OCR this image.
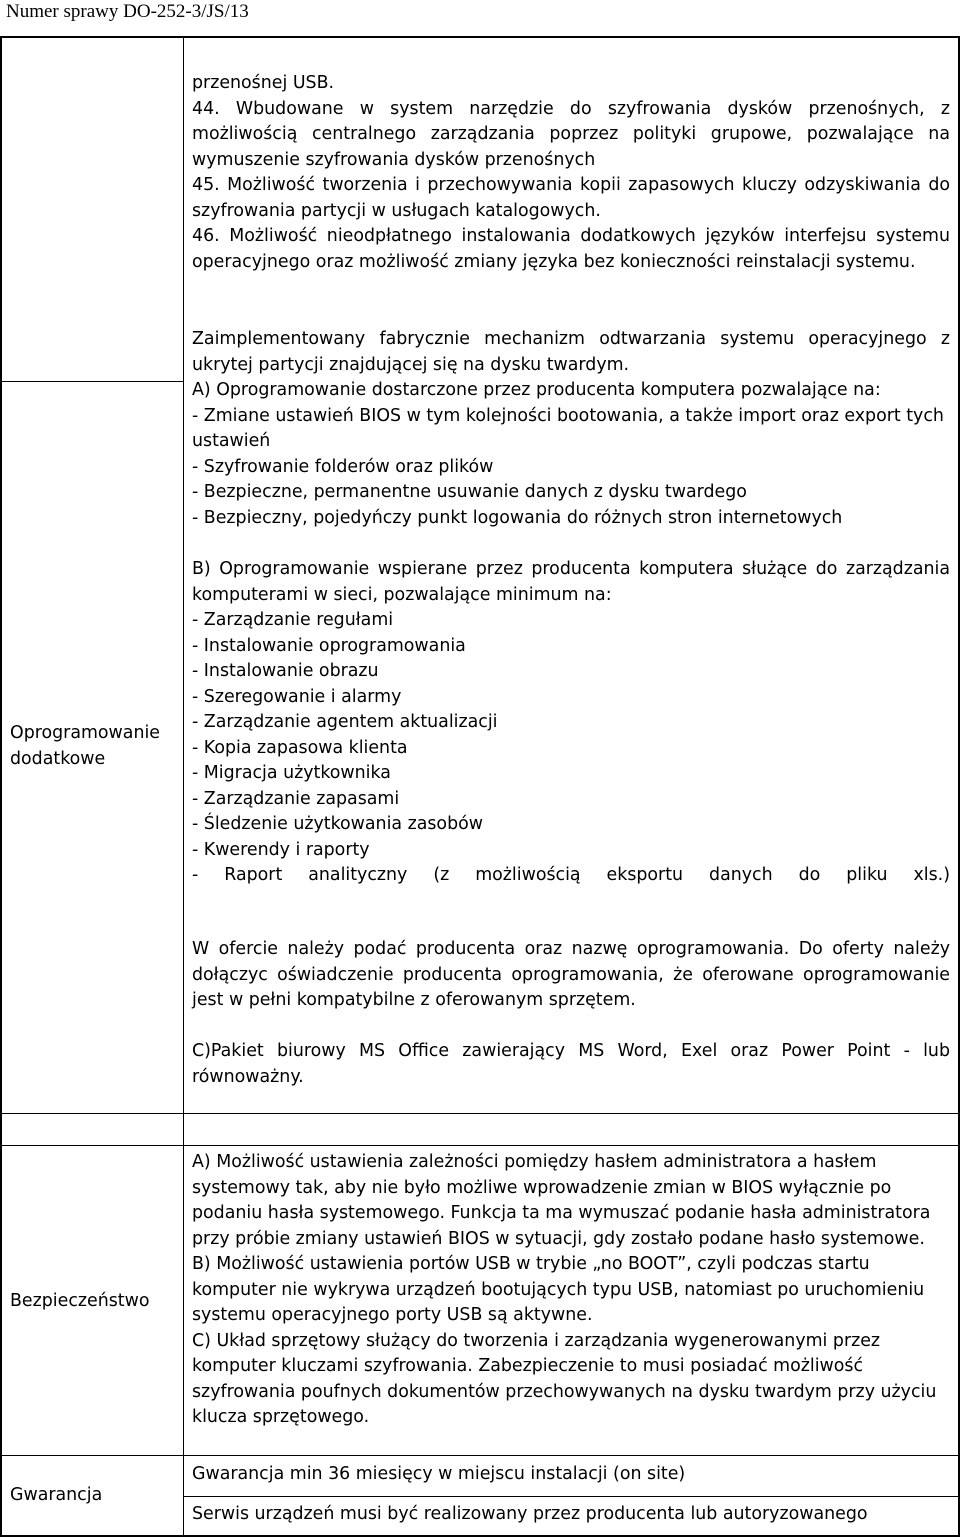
Numer sprawy DO-252-3/JS/13

przenośnej USB.

44. Wbudowane w system narzędzie do szyfrowania dysków przenośnych, z możliwością centralnego zarządzania poprzez polityki grupowe, pozwalające na wymuszenie szyfrowania dysków przenośnych

45. Możliwość tworzenia i przechowywania kopii zapasowych kluczy odzyskiwania do szyfrowania partycji w usługach katalogowych.

46. Możliwość nieodpłatnego instalowania dodatkowych języków interfejsu systemu operacyjnego oraz możliwość zmiany języka bez konieczności reinstalacji systemu.

Zaimplementowany fabrycznie mechanizm odtwarzania systemu operacyjnego z ukrytej partycji znajdującej się na dysku twardym.

Oprogramowanie
dodatkowe

A) Oprogramowanie dostarczone przez producenta komputera pozwalające na:

- Zmiane ustawień BIOS w tym kolejności bootowania, a także import oraz export tych ustawień

- Szyfrowanie folderów oraz plików

- Bezpieczne, permanentne usuwanie danych z dysku twardego

- Bezpieczny, pojedyńczy punkt logowania do różnych stron internetowych

B) Oprogramowanie wspierane przez producenta komputera służące do zarządzania komputerami w sieci, pozwalające minimum na:

- Zarządzanie regułami

- Instalowanie oprogramowania

- Instalowanie obrazu

- Szeregowanie i alarmy

- Zarządzanie agentem aktualizacji

- Kopia zapasowa klienta

- Migracja użytkownika

- Zarządzanie zapasami

- Śledzenie użytkowania zasobów

- Kwerendy i raporty

- Raport analityczny (z możliwością eksportu danych do pliku xls.)

W ofercie należy podać producenta oraz nazwę oprogramowania. Do oferty należy dołączyc oświadczenie producenta oprogramowania, że oferowane oprogramowanie jest w pełni kompatybilne z oferowanym sprzętem.

C)Pakiet biurowy MS Office zawierający MS Word, Exel oraz Power Point - lub równoważny.

Bezpieczeństwo

A) Możliwość ustawienia zależności pomiędzy hasłem administratora a hasłem systemowy tak, aby nie było możliwe wprowadzenie zmian w BIOS wyłącznie po podaniu hasła systemowego. Funkcja ta ma wymuszać podanie hasła administratora przy próbie zmiany ustawień BIOS w sytuacji, gdy zostało podane hasło systemowe.

B) Możliwość ustawienia portów USB w trybie „no BOOT”, czyli podczas startu komputer nie wykrywa urządzeń bootujących typu USB, natomiast po uruchomieniu systemu operacyjnego porty USB są aktywne.

C) Układ sprzętowy służący do tworzenia i zarządzania wygenerowanymi przez komputer kluczami szyfrowania. Zabezpieczenie to musi posiadać możliwość szyfrowania poufnych dokumentów przechowywanych na dysku twardym przy użyciu klucza sprzętowego.

Gwarancja
Gwarancja min 36 miesięcy w miejscu instalacji (on site)
Serwis urządzeń musi być realizowany przez producenta lub autoryzowanego
